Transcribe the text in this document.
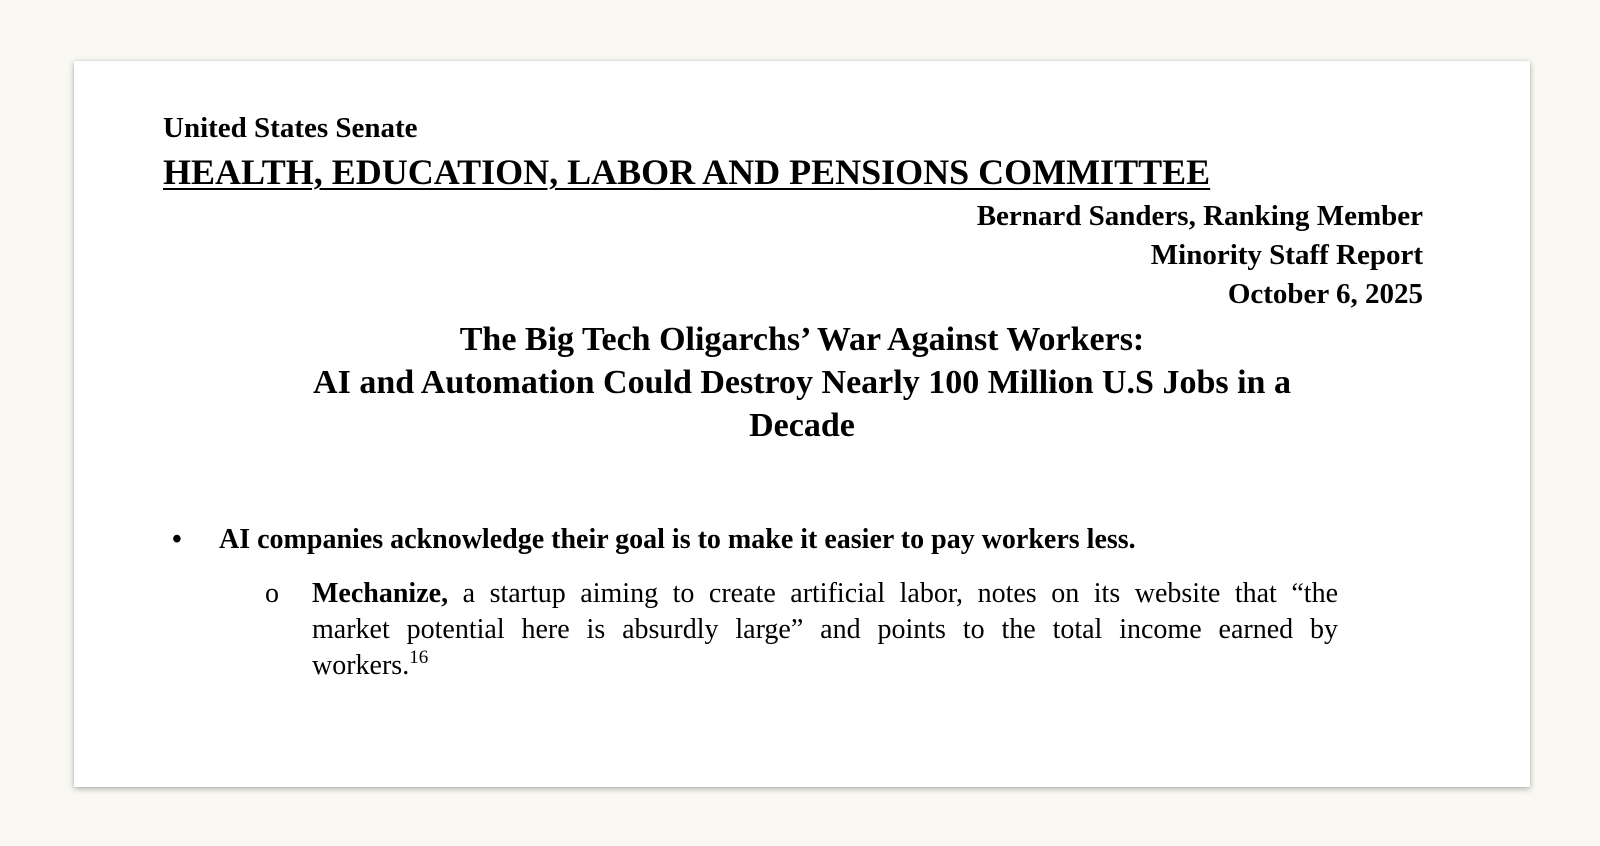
United States Senate
HEALTH, EDUCATION, LABOR AND PENSIONS COMMITTEE
Bernard Sanders, Ranking Member
Minority Staff Report
October 6, 2025
The Big Tech Oligarchs’ War Against Workers:
AI and Automation Could Destroy Nearly 100 Million U.S Jobs in a
Decade
• AI companies acknowledge their goal is to make it easier to pay workers less.
o Mechanize, a startup aiming to create artificial labor, notes on its website that “the
market potential here is absurdly large” and points to the total income earned by
workers.$^{16}$
